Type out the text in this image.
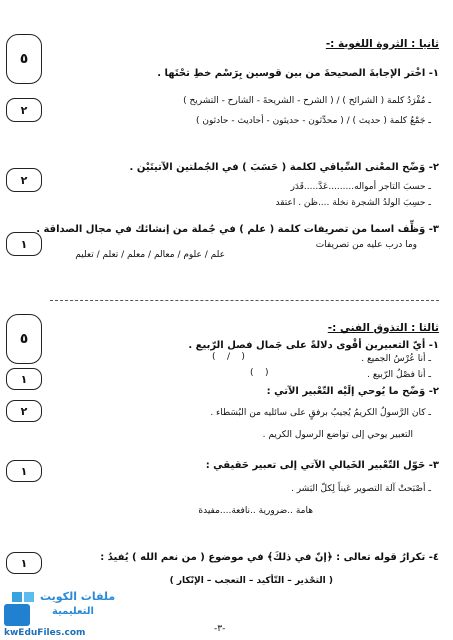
٥
ثانيا : الثروة اللغوية :-
١- اخْتر الإجابةَ الصحيحةَ من بين قوسين بِرَسْم خطِ تحْتَها .
ـ مُفْرَدُ كلمة ( الشرائح ) / ( الشرح - الشريحةَ - الشارح - التشريح )
ـ جَمْعُ كلمة ( حديث ) / ( محدِّثون - حديثون - أحاديث - حادثون )
٢
٢- وَضّح المعْنى السِّياقي لكلمة ( حَسَبَ ) في الجُملتين الآتيتَيْن .
ـ حسبَ التاجر أمواله.........عَدَّ.....قَدَر
ـ حسِبَ الولدُ الشجرة نخلة ....ظن . اعتقد
٢
٣- وَظِّف اسما من تصريفات كلمة ( علم ) في جُملة من إنشائك في مجال الصداقة .
وما درب عليه من تصريفات
علم / علوم / معالم / معلم / تعلم / تعليم
١
٥
ثالثا : التذوق الفني :-
١- أيّ التعبيرين أقْوى دلالةً على جَمال فصل الرّبيع .
ـ أنا عُرْسُ الجميع .
(    /    )
ـ أنا فصْلُ الرّبيع .
(    )
١
٢- وَضّح ما يُوحي إلَيْه التّعْبير الآتي :
ـ كان الرَّسولُ الكريمُ يُجيبُ برفقٍ على سائليه من البُسَطاء .
التعبير يوحي إلى تواضع الرسول الكريم .
٢
٣- حَوّل التّعْبير الخَيالي الآتي إلى تعبير حَقيقي :
ـ أصْبَحتْ آلة التصوير عَيناً لِكلّ البَشر .
هامة ..ضرورية ..نافعة....مفيدة
١
٤- تكرارُ قوله تعالى : ﴿إنّ في ذلكَ﴾ في موضوع ( من نعم الله ) يُفيدُ :
( التحْذير – التّأكيد – التعجب – الإنْكار )
١
-٣-
ملفات الكويت
التعليمية
kwEduFiles.com
